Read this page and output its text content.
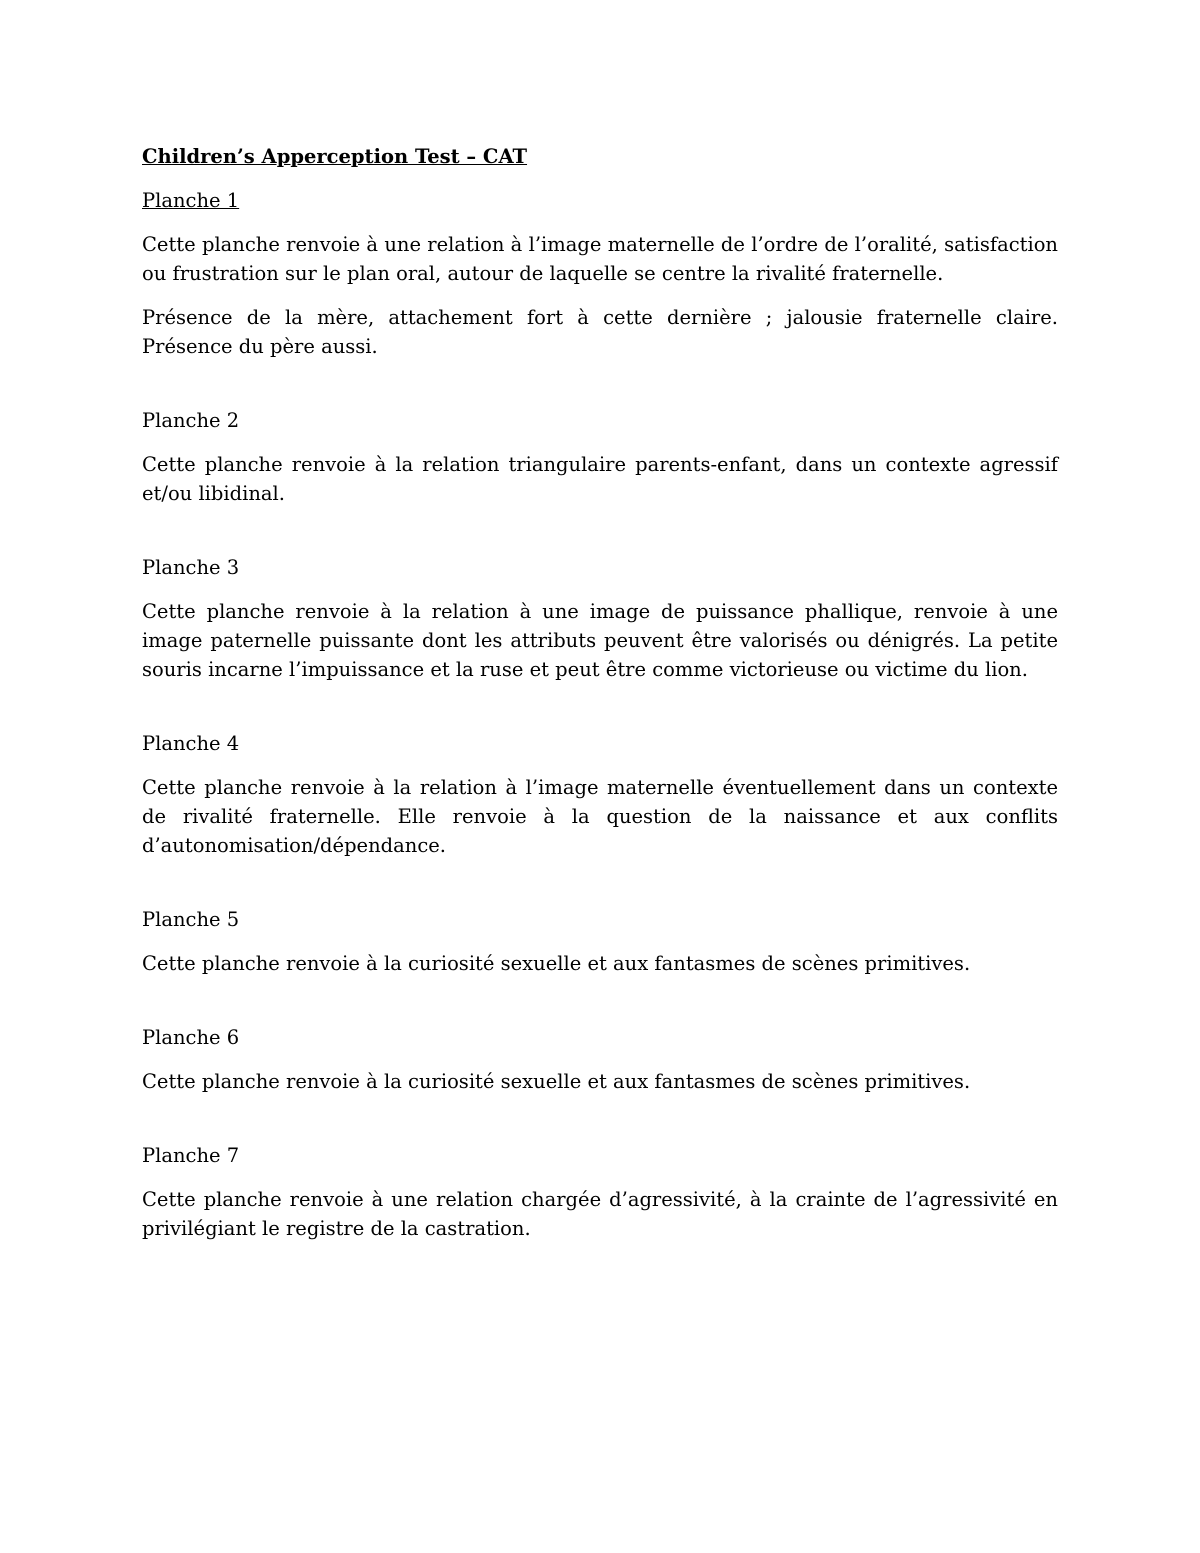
Children’s Apperception Test – CAT
Planche 1

Cette planche renvoie à une relation à l’image maternelle de l’ordre de l’oralité, satisfaction ou frustration sur le plan oral, autour de laquelle se centre la rivalité fraternelle.

Présence de la mère, attachement fort à cette dernière ; jalousie fraternelle claire. Présence du père aussi.

Planche 2

Cette planche renvoie à la relation triangulaire parents-enfant, dans un contexte agressif et/ou libidinal.

Planche 3

Cette planche renvoie à la relation à une image de puissance phallique, renvoie à une image paternelle puissante dont les attributs peuvent être valorisés ou dénigrés. La petite souris incarne l’impuissance et la ruse et peut être comme victorieuse ou victime du lion.

Planche 4

Cette planche renvoie à la relation à l’image maternelle éventuellement dans un contexte de rivalité fraternelle. Elle renvoie à la question de la naissance et aux conflits d’autonomisation/dépendance.

Planche 5

Cette planche renvoie à la curiosité sexuelle et aux fantasmes de scènes primitives.

Planche 6

Cette planche renvoie à la curiosité sexuelle et aux fantasmes de scènes primitives.

Planche 7

Cette planche renvoie à une relation chargée d’agressivité, à la crainte de l’agressivité en privilégiant le registre de la castration.
